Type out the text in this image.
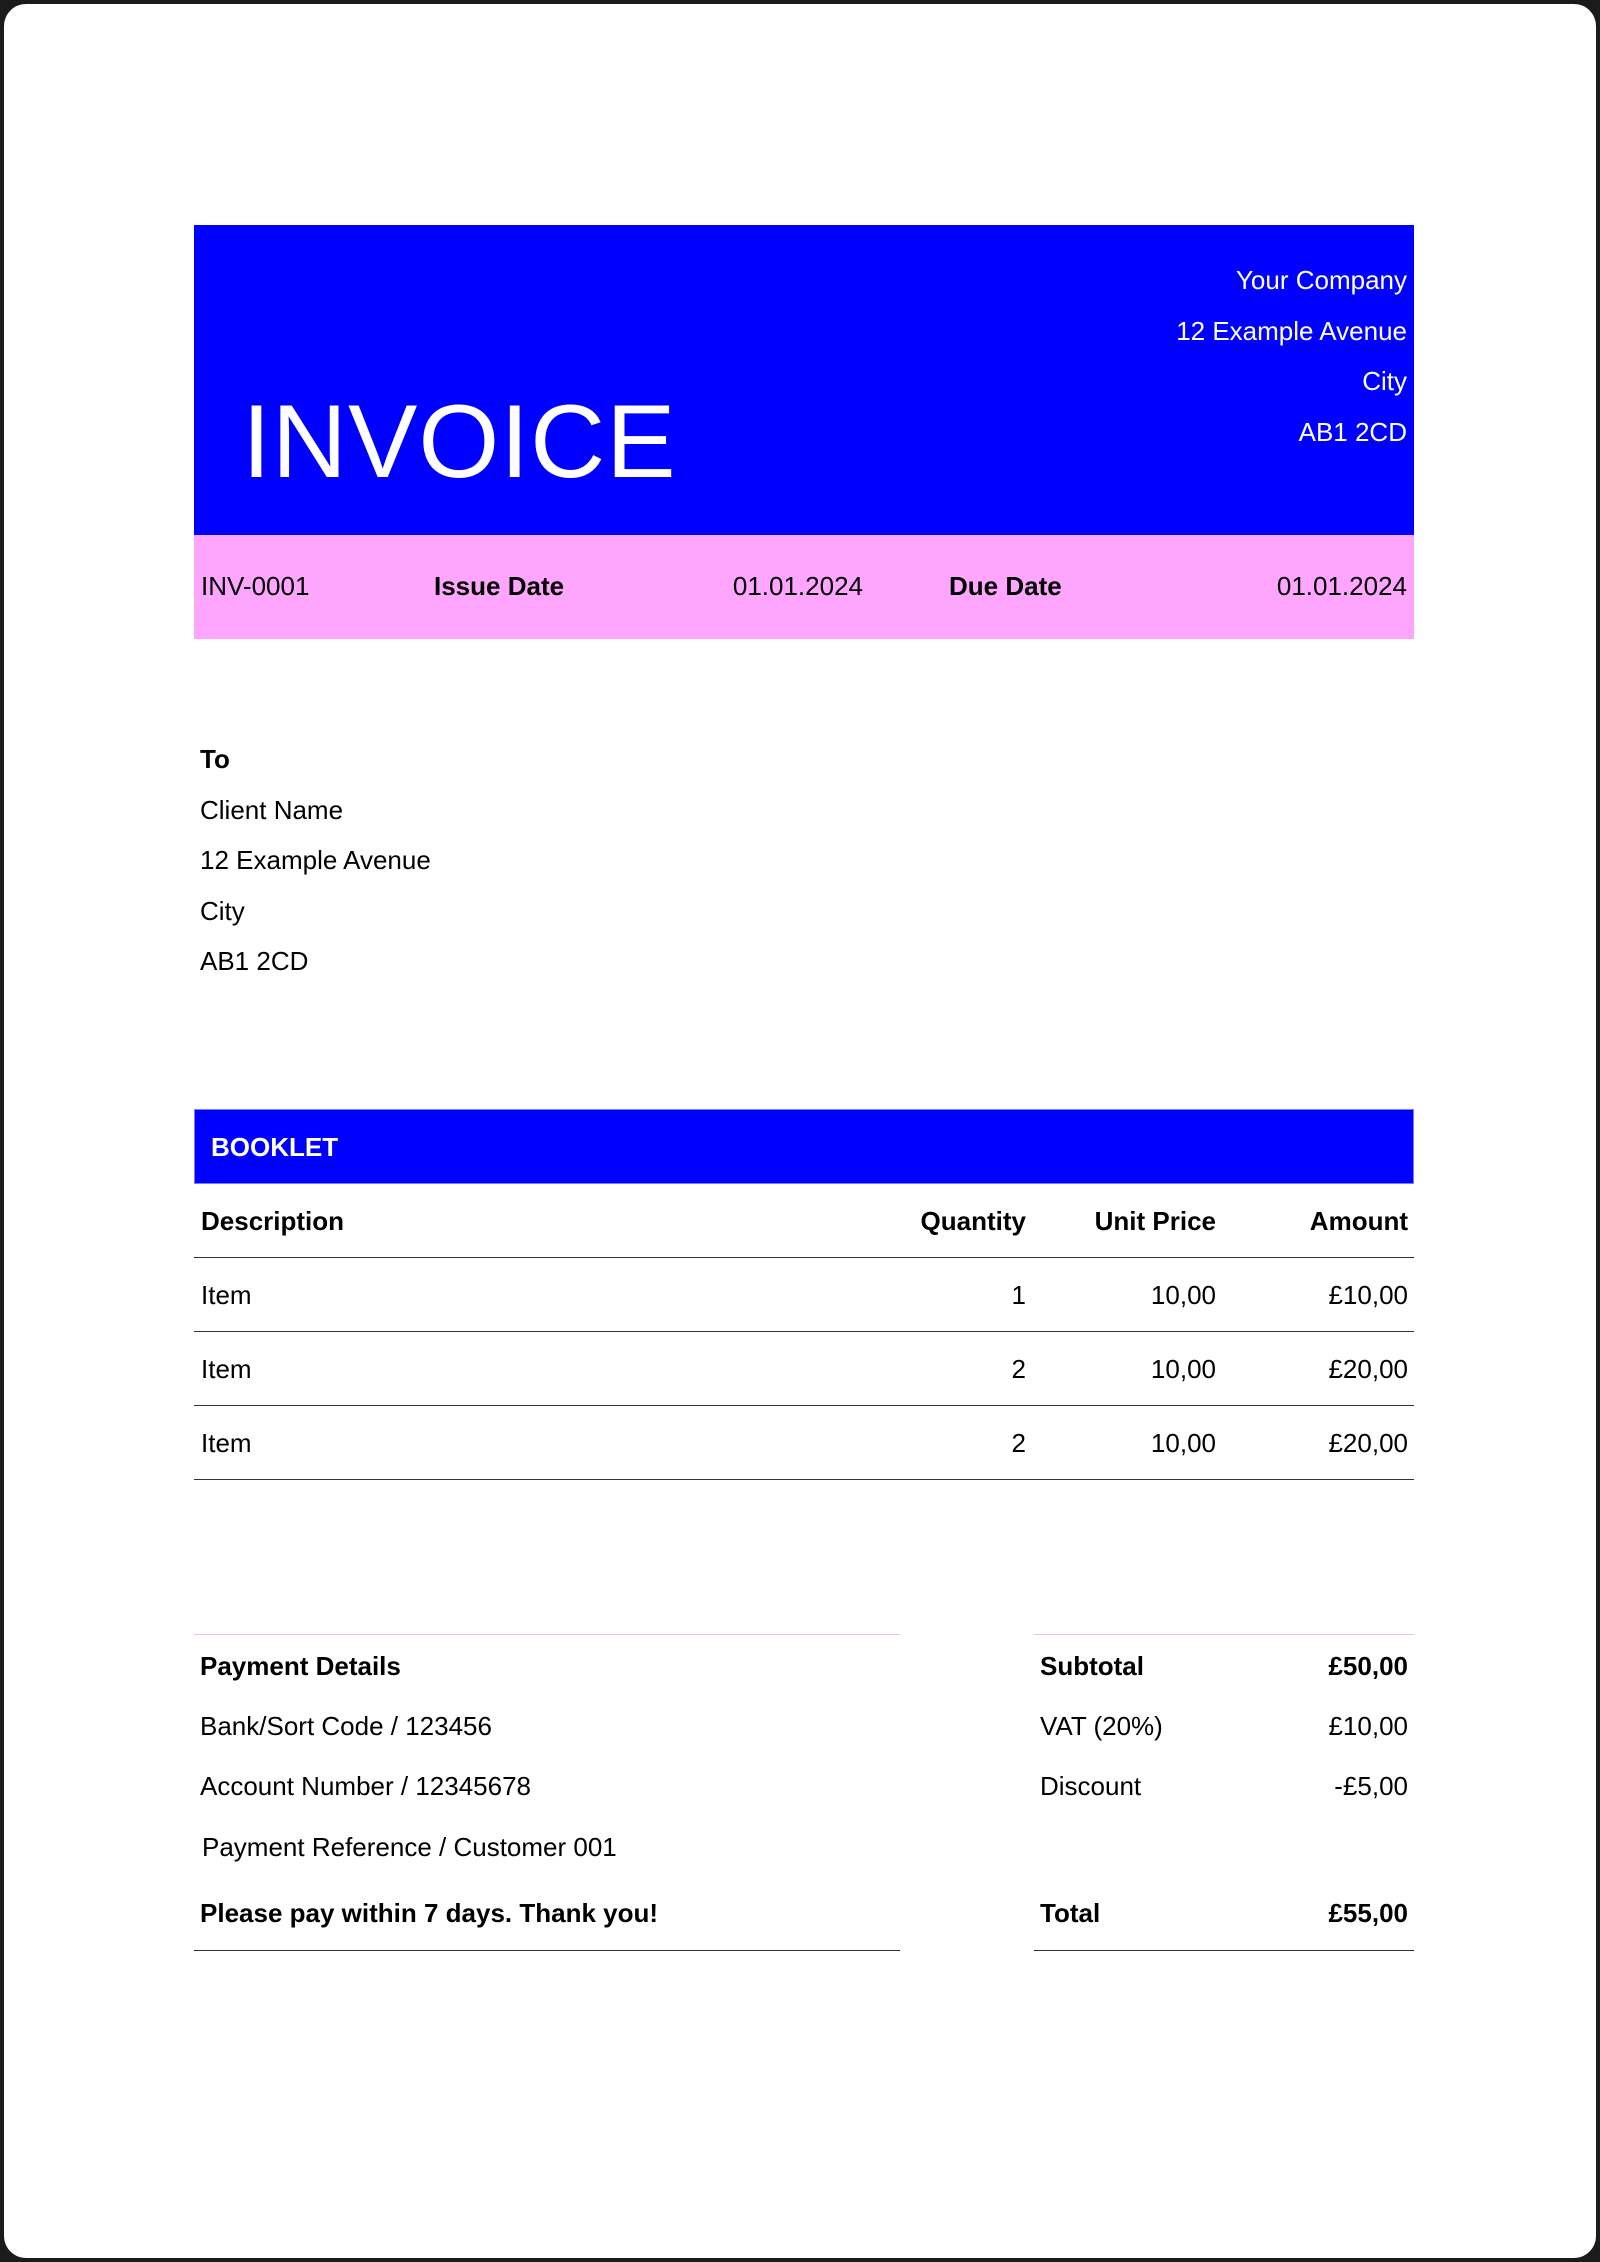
INVOICE
Your Company
12 Example Avenue
City
AB1 2CD
INV-0001	Issue Date	01.01.2024	Due Date	01.01.2024
To
Client Name
12 Example Avenue
City
AB1 2CD
BOOKLET
Description	Quantity	Unit Price	Amount
Item	1	10,00	£10,00
Item	2	10,00	£20,00
Item	2	10,00	£20,00
Payment Details
Bank/Sort Code / 123456
Account Number / 12345678
Payment Reference / Customer 001
Please pay within 7 days. Thank you!
Subtotal	£50,00
VAT (20%)	£10,00
Discount	-£5,00
Total	£55,00
